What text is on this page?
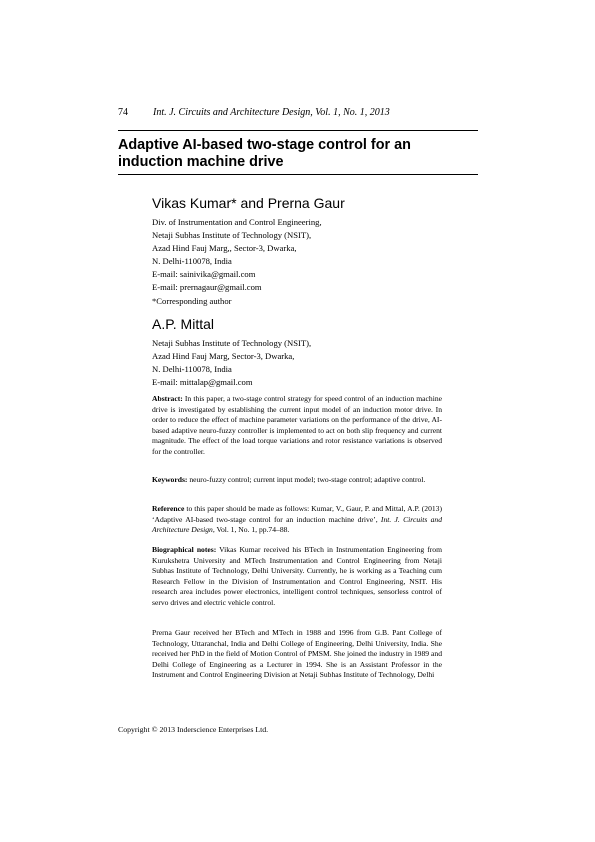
74	Int. J. Circuits and Architecture Design, Vol. 1, No. 1, 2013
Adaptive AI-based two-stage control for an induction machine drive
Vikas Kumar* and Prerna Gaur
Div. of Instrumentation and Control Engineering,
Netaji Subhas Institute of Technology (NSIT),
Azad Hind Fauj Marg,, Sector-3, Dwarka,
N. Delhi-110078, India
E-mail: sainivika@gmail.com
E-mail: prernagaur@gmail.com
*Corresponding author
A.P. Mittal
Netaji Subhas Institute of Technology (NSIT),
Azad Hind Fauj Marg, Sector-3, Dwarka,
N. Delhi-110078, India
E-mail: mittalap@gmail.com
Abstract: In this paper, a two-stage control strategy for speed control of an induction machine drive is investigated by establishing the current input model of an induction motor drive. In order to reduce the effect of machine parameter variations on the performance of the drive, AI-based adaptive neuro-fuzzy controller is implemented to act on both slip frequency and current magnitude. The effect of the load torque variations and rotor resistance variations is observed for the controller.
Keywords: neuro-fuzzy control; current input model; two-stage control; adaptive control.
Reference to this paper should be made as follows: Kumar, V., Gaur, P. and Mittal, A.P. (2013) ‘Adaptive AI-based two-stage control for an induction machine drive’, Int. J. Circuits and Architecture Design, Vol. 1, No. 1, pp.74–88.
Biographical notes: Vikas Kumar received his BTech in Instrumentation Engineering from Kurukshetra University and MTech Instrumentation and Control Engineering from Netaji Subhas Institute of Technology, Delhi University. Currently, he is working as a Teaching cum Research Fellow in the Division of Instrumentation and Control Engineering, NSIT. His research area includes power electronics, intelligent control techniques, sensorless control of servo drives and electric vehicle control.
Prerna Gaur received her BTech and MTech in 1988 and 1996 from G.B. Pant College of Technology, Uttaranchal, India and Delhi College of Engineering, Delhi University, India. She received her PhD in the field of Motion Control of PMSM. She joined the industry in 1989 and Delhi College of Engineering as a Lecturer in 1994. She is an Assistant Professor in the Instrument and Control Engineering Division at Netaji Subhas Institute of Technology, Delhi
Copyright © 2013 Inderscience Enterprises Ltd.
